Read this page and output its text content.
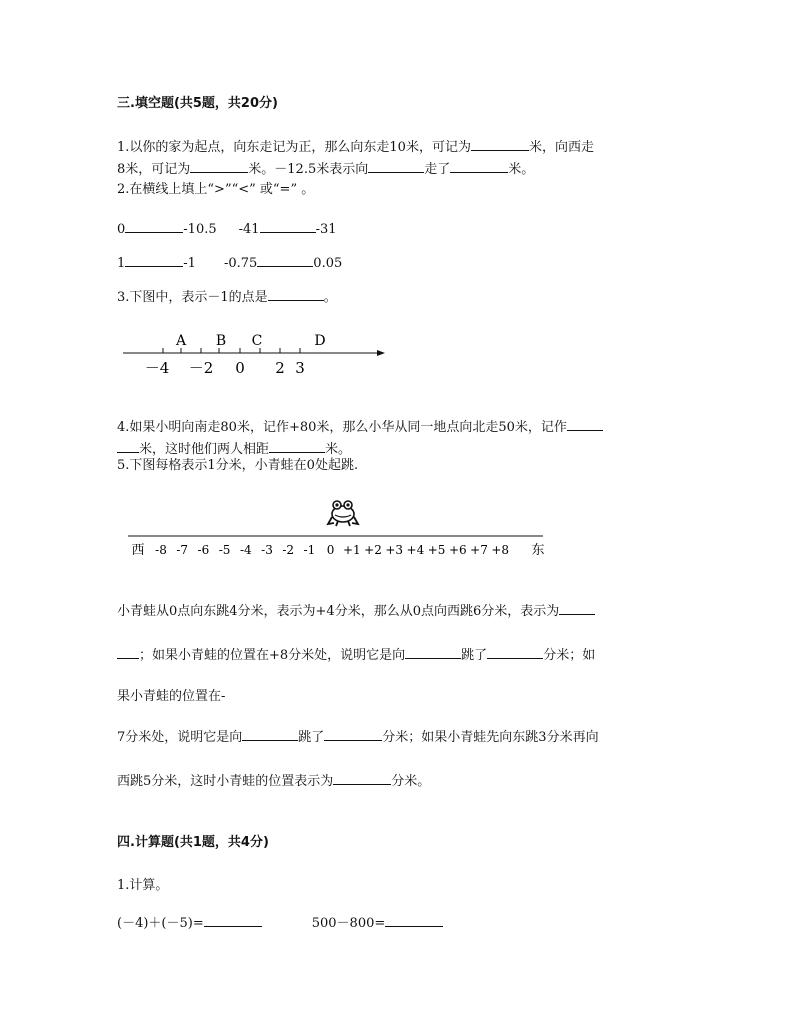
三.填空题(共5题，共20分)
1.以你的家为起点，向东走记为正，那么向东走10米，可记为	米，向西走
8米，可记为	米。－12.5米表示向	走了	米。
2.在横线上填上“>”“<” 或“=” 。
0	-10.5 -41	-31
1	-1 -0.75	0.05
3.下图中，表示－1的点是	。
A B C	D
－4 －2 0 2 3
4.如果小明向南走80米，记作+80米，那么小华从同一地点向北走50米，记作
米，这时他们两人相距	米。
5.下图每格表示1分米，小青蛙在0处起跳.
西	东
-8 -7 -6 -5 -4 -3 -2 -1 0 +1 +2 +3 +4 +5 +6 +7 +8
小青蛙从0点向东跳4分米，表示为+4分米，那么从0点向西跳6分米，表示为
；如果小青蛙的位置在+8分米处，说明它是向	跳了	分米；如
果小青蛙的位置在-
7分米处，说明它是向	跳了	分米；如果小青蛙先向东跳3分米再向
西跳5分米，这时小青蛙的位置表示为	分米。
四.计算题(共1题，共4分)
1.计算。
(－4)＋(－5)=	500－800=
